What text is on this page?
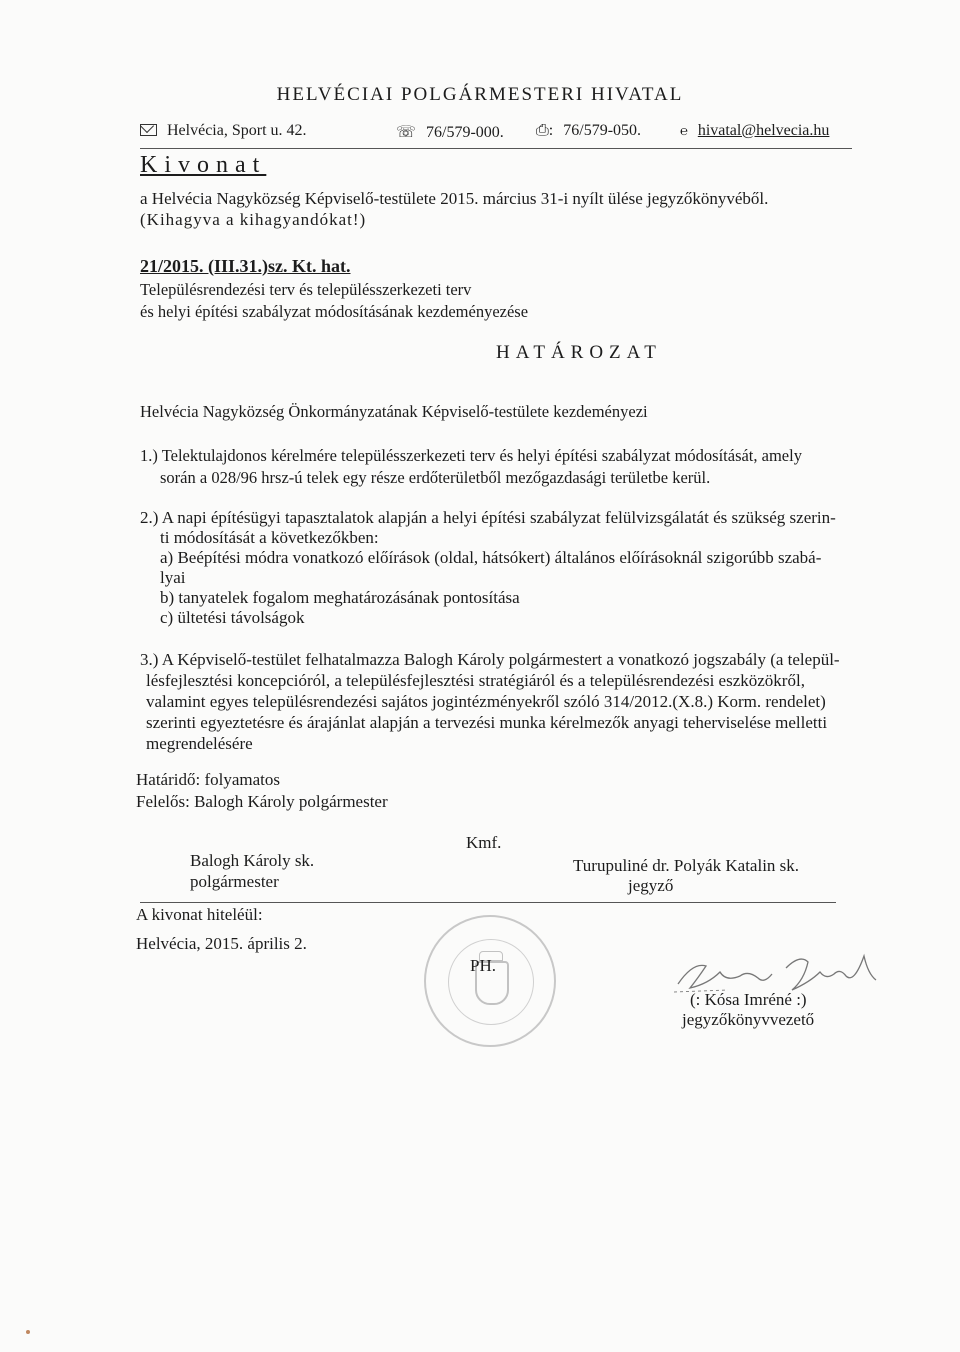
HELVÉCIAI POLGÁRMESTERI HIVATAL
Helvécia, Sport u. 42.	☏ 76/579-000. ⎙: 76/579-050.	℮ hivatal@helvecia.hu
Kivonat
a Helvécia Nagyközség Képviselő-testülete 2015. március 31-i nyílt ülése jegyzőkönyvéből.
(Kihagyva a kihagyandókat!)
21/2015. (III.31.)sz. Kt. hat.
Településrendezési terv és településszerkezeti terv
és helyi építési szabályzat módosításának kezdeményezése
HATÁROZAT
Helvécia Nagyközség Önkormányzatának Képviselő-testülete kezdeményezi
1.) Telektulajdonos kérelmére településszerkezeti terv és helyi építési szabályzat módosítását, amely
során a 028/96 hrsz-ú telek egy része erdőterületből mezőgazdasági területbe kerül.
2.) A napi építésügyi tapasztalatok alapján a helyi építési szabályzat felülvizsgálatát és szükség szerin-
ti módosítását a következőkben:
a) Beépítési módra vonatkozó előírások (oldal, hátsókert) általános előírásoknál szigorúbb szabá-
lyai
b) tanyatelek fogalom meghatározásának pontosítása
c) ültetési távolságok
3.) A Képviselő-testület felhatalmazza Balogh Károly polgármestert a vonatkozó jogszabály (a települ-
lésfejlesztési koncepcióról, a településfejlesztési stratégiáról és a településrendezési eszközökről,
valamint egyes településrendezési sajátos jogintézményekről szóló 314/2012.(X.8.) Korm. rendelet)
szerinti egyeztetésre és árajánlat alapján a tervezési munka kérelmezők anyagi teherviselése melletti
megrendelésére
Határidő: folyamatos
Felelős: Balogh Károly polgármester
Kmf.
Balogh Károly sk.
polgármester
Turupuliné dr. Polyák Katalin sk.
jegyző
A kivonat hiteléül:
Helvécia, 2015. április 2.
PH.
(: Kósa Imréné :)
jegyzőkönyvvezető
